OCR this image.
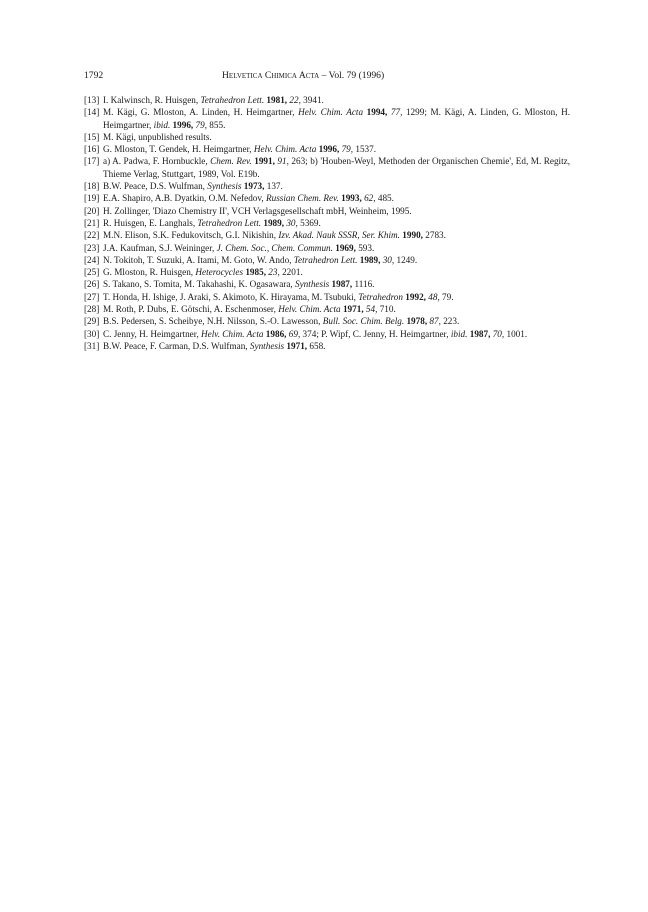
1792	Helvetica Chimica Acta – Vol. 79 (1996)
[13] I. Kalwinsch, R. Huisgen, Tetrahedron Lett. 1981, 22, 3941.
[14] M. Kägi, G. Mloston, A. Linden, H. Heimgartner, Helv. Chim. Acta 1994, 77, 1299; M. Kägi, A. Linden, G. Mloston, H. Heimgartner, ibid. 1996, 79, 855.
[15] M. Kägi, unpublished results.
[16] G. Mloston, T. Gendek, H. Heimgartner, Helv. Chim. Acta 1996, 79, 1537.
[17] a) A. Padwa, F. Hornbuckle, Chem. Rev. 1991, 91, 263; b) 'Houben-Weyl, Methoden der Organischen Chemie', Ed, M. Regitz, Thieme Verlag, Stuttgart, 1989, Vol. E19b.
[18] B.W. Peace, D.S. Wulfman, Synthesis 1973, 137.
[19] E.A. Shapiro, A.B. Dyatkin, O.M. Nefedov, Russian Chem. Rev. 1993, 62, 485.
[20] H. Zollinger, 'Diazo Chemistry II', VCH Verlagsgesellschaft mbH, Weinheim, 1995.
[21] R. Huisgen, E. Langhals, Tetrahedron Lett. 1989, 30, 5369.
[22] M.N. Elison, S.K. Fedukovitsch, G.I. Nikishin, Izv. Akad. Nauk SSSR, Ser. Khim. 1990, 2783.
[23] J.A. Kaufman, S.J. Weininger, J. Chem. Soc., Chem. Commun. 1969, 593.
[24] N. Tokitoh, T. Suzuki, A. Itami, M. Goto, W. Ando, Tetrahedron Lett. 1989, 30, 1249.
[25] G. Mloston, R. Huisgen, Heterocycles 1985, 23, 2201.
[26] S. Takano, S. Tomita, M. Takahashi, K. Ogasawara, Synthesis 1987, 1116.
[27] T. Honda, H. Ishige, J. Araki, S. Akimoto, K. Hirayama, M. Tsubuki, Tetrahedron 1992, 48, 79.
[28] M. Roth, P. Dubs, E. Götschi, A. Eschenmoser, Helv. Chim. Acta 1971, 54, 710.
[29] B.S. Pedersen, S. Scheibye, N.H. Nilsson, S.-O. Lawesson, Bull. Soc. Chim. Belg. 1978, 87, 223.
[30] C. Jenny, H. Heimgartner, Helv. Chim. Acta 1986, 69, 374; P. Wipf, C. Jenny, H. Heimgartner, ibid. 1987, 70, 1001.
[31] B.W. Peace, F. Carman, D.S. Wulfman, Synthesis 1971, 658.
